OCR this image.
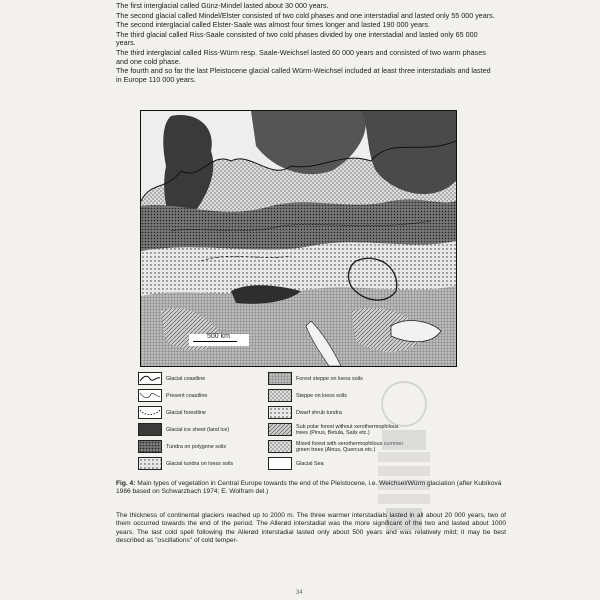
The first interglacial called Günz-Mindel lasted about 30 000 years.

The second glacial called Mindel/Elster consisted of two cold phases and one interstadial and lasted only 55 000 years.

The second interglacial called Elster-Saale was almost four times longer and lasted 190 000 years.

The third glacial called Riss-Saale consisted of two cold phases divided by one interstadial and lasted only 65 000 years.

The third interglacial called Riss-Würm resp. Saale-Weichsel lasted 60 000 years and consisted of two warm phases and one cold phase.

The fourth and so far the last Pleistocene glacial called Würm-Weichsel included at least three interstadials and lasted in Europe 110 000 years.

500 km
Glacial coastline
Present coastline
Glacial forestline
Glacial ice sheet (land ice)
Tundra on polygone soils
Glacial tundra on loess soils
Forest steppe on loess soils
Steppe on loess soils
Dwarf shrub tundra
Sub polar forest without xerothermophilous trees (Pinus, Betula, Salix etc.)
Mixed forest with xerothermophilous summer green trees (Alnus, Quercus etc.)
Glacial Sea
Fig. 4: Main types of vegetation in Central Europe towards the end of the Pleistocene, i.e. Weichsel/Würm glaciation (after Kubíková 1986 based on Schwarzbach 1974; E. Wolfram del.)
The thickness of continental glaciers reached up to 2000 m. The three warmer interstadials lasted in all about 20 000 years, two of them occurred towards the end of the period. The Allerød interstadial was the more significant of the two and lasted about 1000 years. The last cold spell following the Allerød interstadial lasted only about 500 years and was relatively mild; it may be best described as "oscillations" of cold temper-
34
